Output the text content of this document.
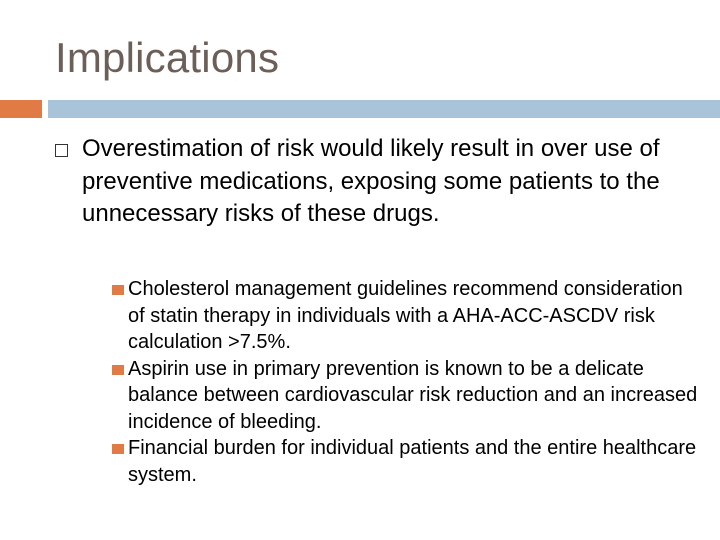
Implications
Overestimation of risk would likely result in over use of preventive medications, exposing some patients to the unnecessary risks of these drugs.
Cholesterol management guidelines recommend consideration of statin therapy in individuals with a AHA-ACC-ASCDV risk calculation >7.5%.
Aspirin use in primary prevention is known to be a delicate balance between cardiovascular risk reduction and an increased incidence of bleeding.
Financial burden for individual patients and the entire healthcare system.
